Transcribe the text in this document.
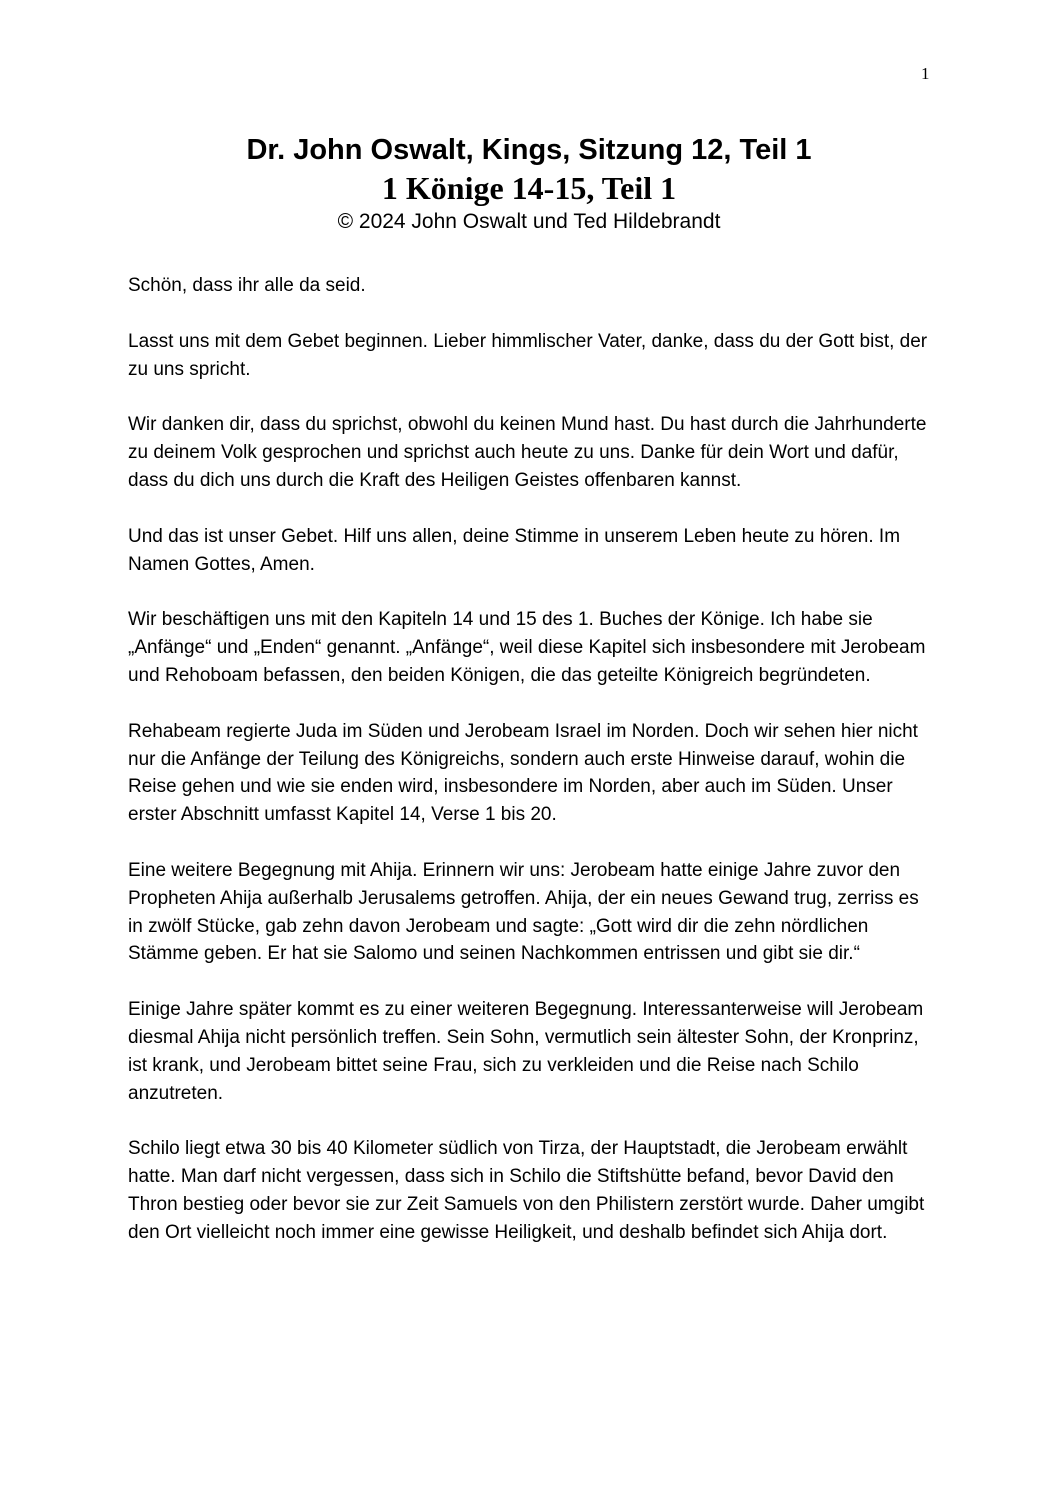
1

Dr. John Oswalt, Kings, Sitzung 12, Teil 1

1 Könige 14-15, Teil 1

© 2024 John Oswalt und Ted Hildebrandt

Schön, dass ihr alle da seid.

Lasst uns mit dem Gebet beginnen. Lieber himmlischer Vater, danke, dass du der Gott bist, der zu uns spricht.

Wir danken dir, dass du sprichst, obwohl du keinen Mund hast. Du hast durch die Jahrhunderte zu deinem Volk gesprochen und sprichst auch heute zu uns. Danke für dein Wort und dafür, dass du dich uns durch die Kraft des Heiligen Geistes offenbaren kannst.

Und das ist unser Gebet. Hilf uns allen, deine Stimme in unserem Leben heute zu hören. Im Namen Gottes, Amen.

Wir beschäftigen uns mit den Kapiteln 14 und 15 des 1. Buches der Könige. Ich habe sie „Anfänge“ und „Enden“ genannt. „Anfänge“, weil diese Kapitel sich insbesondere mit Jerobeam und Rehoboam befassen, den beiden Königen, die das geteilte Königreich begründeten.

Rehabeam regierte Juda im Süden und Jerobeam Israel im Norden. Doch wir sehen hier nicht nur die Anfänge der Teilung des Königreichs, sondern auch erste Hinweise darauf, wohin die Reise gehen und wie sie enden wird, insbesondere im Norden, aber auch im Süden. Unser erster Abschnitt umfasst Kapitel 14, Verse 1 bis 20.

Eine weitere Begegnung mit Ahija. Erinnern wir uns: Jerobeam hatte einige Jahre zuvor den Propheten Ahija außerhalb Jerusalems getroffen. Ahija, der ein neues Gewand trug, zerriss es in zwölf Stücke, gab zehn davon Jerobeam und sagte: „Gott wird dir die zehn nördlichen Stämme geben. Er hat sie Salomo und seinen Nachkommen entrissen und gibt sie dir.“

Einige Jahre später kommt es zu einer weiteren Begegnung. Interessanterweise will Jerobeam diesmal Ahija nicht persönlich treffen. Sein Sohn, vermutlich sein ältester Sohn, der Kronprinz, ist krank, und Jerobeam bittet seine Frau, sich zu verkleiden und die Reise nach Schilo anzutreten.

Schilo liegt etwa 30 bis 40 Kilometer südlich von Tirza, der Hauptstadt, die Jerobeam erwählt hatte. Man darf nicht vergessen, dass sich in Schilo die Stiftshütte befand, bevor David den Thron bestieg oder bevor sie zur Zeit Samuels von den Philistern zerstört wurde. Daher umgibt den Ort vielleicht noch immer eine gewisse Heiligkeit, und deshalb befindet sich Ahija dort.
